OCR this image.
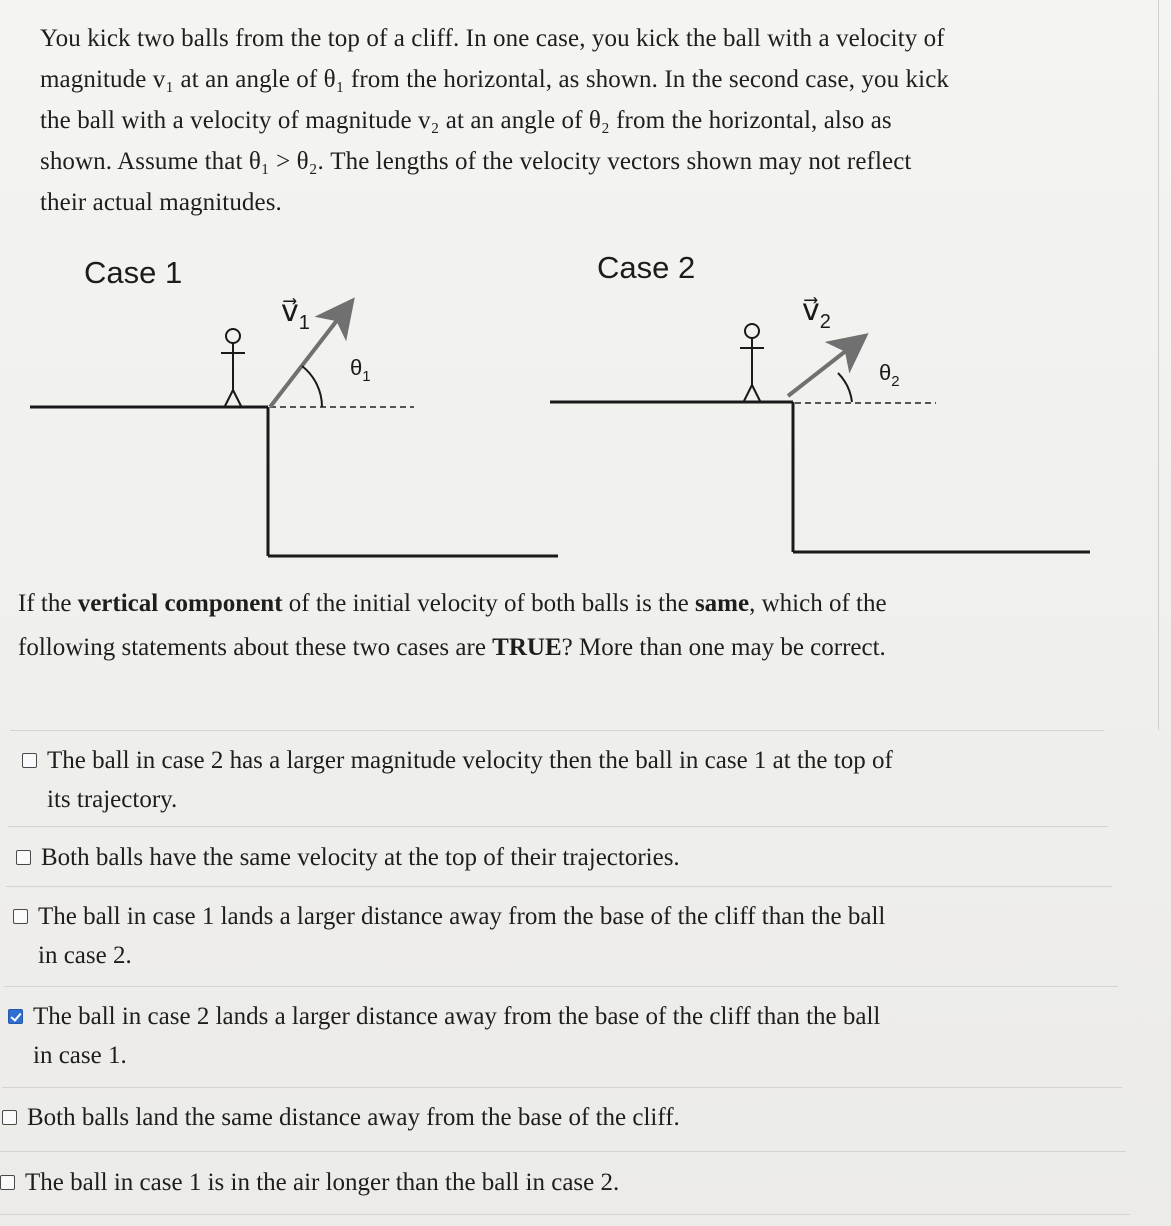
You kick two balls from the top of a cliff. In one case, you kick the ball with a velocity of

magnitude v₁ at an angle of θ₁ from the horizontal, as shown. In the second case, you kick

the ball with a velocity of magnitude v₂ at an angle of θ₂ from the horizontal, also as

shown. Assume that θ₁ > θ₂. The lengths of the velocity vectors shown may not reflect

their actual magnitudes.

Case 1	Case 2
$v⃗_1$
$\theta_1$
$v⃗_2$
$\theta_2$

If the vertical component of the initial velocity of both balls is the same, which of the

following statements about these two cases are TRUE? More than one may be correct.

The ball in case 2 has a larger magnitude velocity then the ball in case 1 at the top of
its trajectory.
Both balls have the same velocity at the top of their trajectories.
The ball in case 1 lands a larger distance away from the base of the cliff than the ball
in case 2.
The ball in case 2 lands a larger distance away from the base of the cliff than the ball
in case 1.
Both balls land the same distance away from the base of the cliff.
The ball in case 1 is in the air longer than the ball in case 2.
